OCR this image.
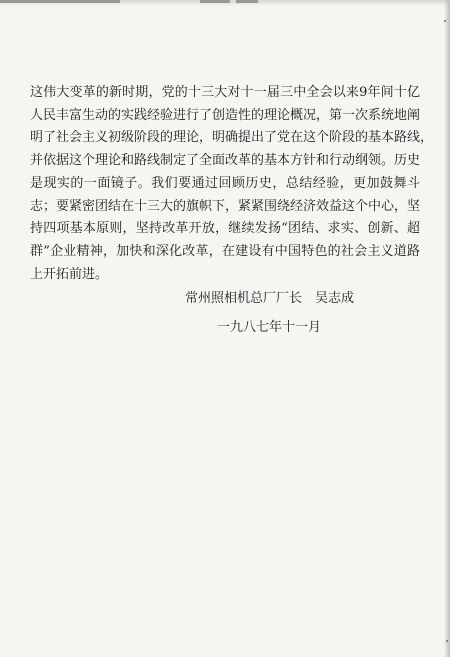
这伟大变革的新时期，党的十三大对十一届三中全会以来9年间十亿
人民丰富生动的实践经验进行了创造性的理论概况，第一次系统地阐
明了社会主义初级阶段的理论，明确提出了党在这个阶段的基本路线，
并依据这个理论和路线制定了全面改革的基本方针和行动纲领。历史
是现实的一面镜子。我们要通过回顾历史，总结经验，更加鼓舞斗
志；要紧密团结在十三大的旗帜下，紧紧围绕经济效益这个中心，坚
持四项基本原则，坚持改革开放，继续发扬“团结、求实、创新、超
群”企业精神，加快和深化改革，在建设有中国特色的社会主义道路
上开拓前进。
常州照相机总厂厂长　吴志成
一九八七年十一月
